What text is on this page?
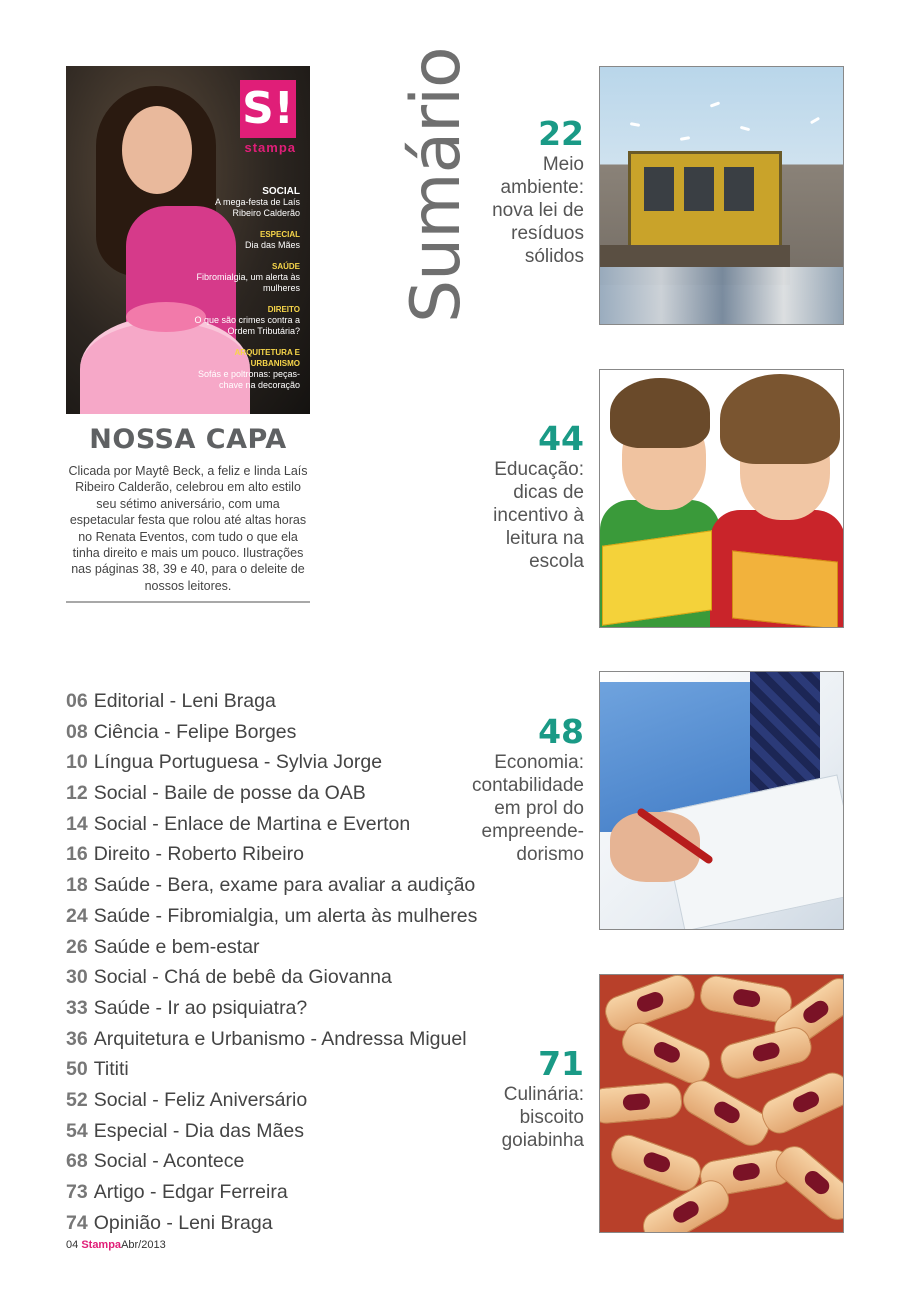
S!
stampa
SOCIAL
A mega-festa de Laís Ribeiro Calderão
ESPECIAL
Dia das Mães
SAÚDE
Fibromialgia, um alerta às mulheres
DIREITO
O que são crimes contra a Ordem Tributária?
ARQUITETURA E URBANISMO
Sofás e poltronas: peças-chave na decoração
NOSSA CAPA
Clicada por Maytê Beck, a feliz e linda Laís Ribeiro Calderão, celebrou em alto estilo seu sétimo aniversário, com uma espetacular festa que rolou até altas horas no Renata Eventos, com tudo o que ela tinha direito e mais um pouco. Ilustrações nas páginas 38, 39 e 40, para o deleite de nossos leitores.
Sumário	22
Meio
ambiente:
nova lei de
resíduos
sólidos
44
Educação:
dicas de
incentivo à
leitura na
escola
48
Economia:
contabilidade
em prol do
empreende-
dorismo
71
Culinária:
biscoito
goiabinha
06 Editorial - Leni Braga
08 Ciência - Felipe Borges
10 Língua Portuguesa - Sylvia Jorge
12 Social - Baile de posse da OAB
14 Social - Enlace de Martina e Everton
16 Direito - Roberto Ribeiro
18 Saúde - Bera, exame para avaliar a audição
24 Saúde - Fibromialgia, um alerta às mulheres
26 Saúde e bem-estar
30 Social - Chá de bebê da Giovanna
33 Saúde - Ir ao psiquiatra?
36 Arquitetura e Urbanismo - Andressa Miguel
50 Tititi
52 Social - Feliz Aniversário
54 Especial - Dia das Mães
68 Social - Acontece
73 Artigo - Edgar Ferreira
74 Opinião - Leni Braga
04 StampaAbr/2013
